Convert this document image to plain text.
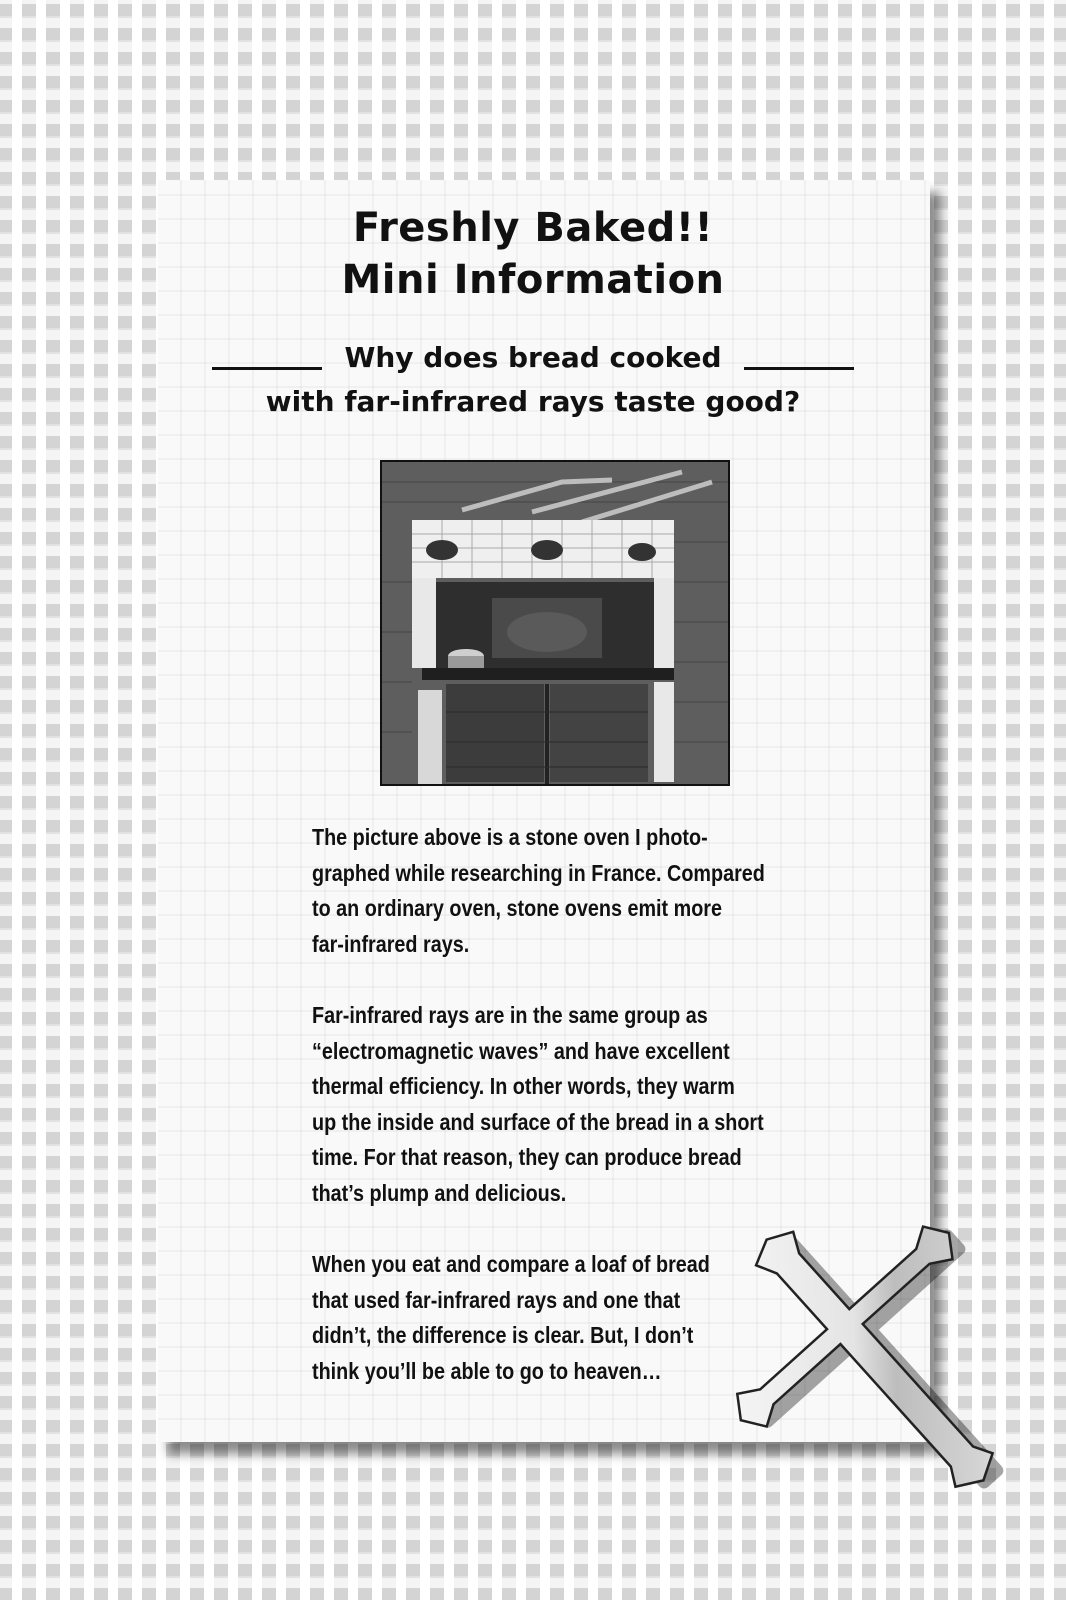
Freshly Baked!!
Mini Information
Why does bread cooked
with far-infrared rays taste good?
The picture above is a stone oven I photo-
graphed while researching in France. Compared
to an ordinary oven, stone ovens emit more
far-infrared rays.
Far-infrared rays are in the same group as
“electromagnetic waves” and have excellent
thermal efficiency. In other words, they warm
up the inside and surface of the bread in a short
time. For that reason, they can produce bread
that’s plump and delicious.
When you eat and compare a loaf of bread
that used far-infrared rays and one that
didn’t, the difference is clear. But, I don’t
think you’ll be able to go to heaven…
